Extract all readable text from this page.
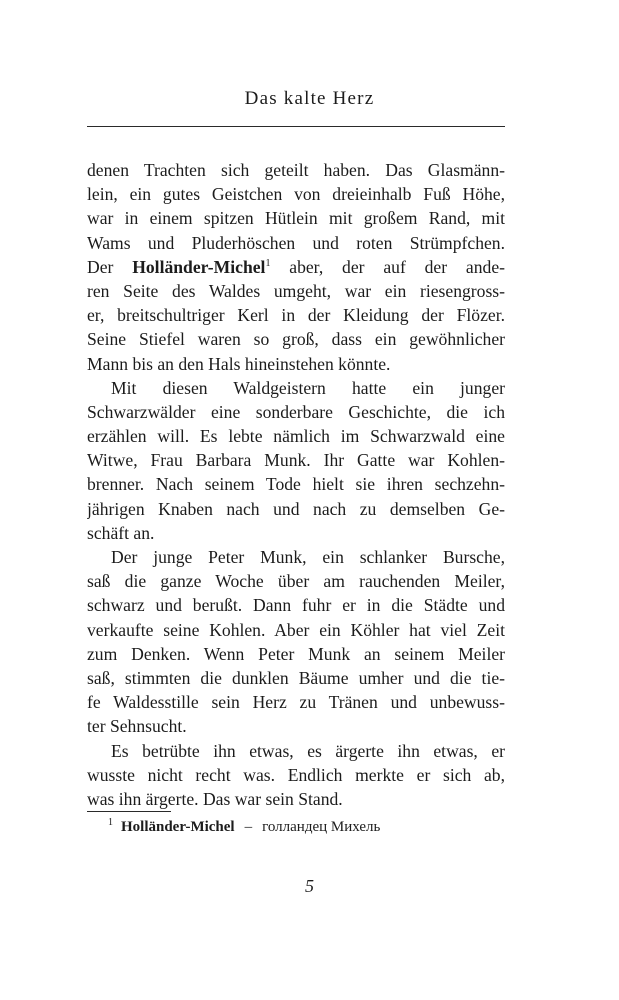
Das kalte Herz
denen Trachten sich geteilt haben. Das Glasmänn-
lein, ein gutes Geistchen von dreieinhalb Fuß Höhe,
war in einem spitzen Hütlein mit großem Rand, mit
Wams und Pluderhöschen und roten Strümpfchen.
Der Holländer-Michel$^1$ aber, der auf der ande-
ren Seite des Waldes umgeht, war ein riesengross-
er, breitschultriger Kerl in der Kleidung der Flözer.
Seine Stiefel waren so groß, dass ein gewöhnlicher
Mann bis an den Hals hineinstehen könnte.
Mit diesen Waldgeistern hatte ein junger
Schwarzwälder eine sonderbare Geschichte, die ich
erzählen will. Es lebte nämlich im Schwarzwald eine
Witwe, Frau Barbara Munk. Ihr Gatte war Kohlen-
brenner. Nach seinem Tode hielt sie ihren sechzehn-
jährigen Knaben nach und nach zu demselben Ge-
schäft an.
Der junge Peter Munk, ein schlanker Bursche,
saß die ganze Woche über am rauchenden Meiler,
schwarz und berußt. Dann fuhr er in die Städte und
verkaufte seine Kohlen. Aber ein Köhler hat viel Zeit
zum Denken. Wenn Peter Munk an seinem Meiler
saß, stimmten die dunklen Bäume umher und die tie-
fe Waldesstille sein Herz zu Tränen und unbewuss-
ter Sehnsucht.
Es betrübte ihn etwas, es ärgerte ihn etwas, er
wusste nicht recht was. Endlich merkte er sich ab,
was ihn ärgerte. Das war sein Stand.
$^1$ Holländer-Michel – голландец Михель
5
